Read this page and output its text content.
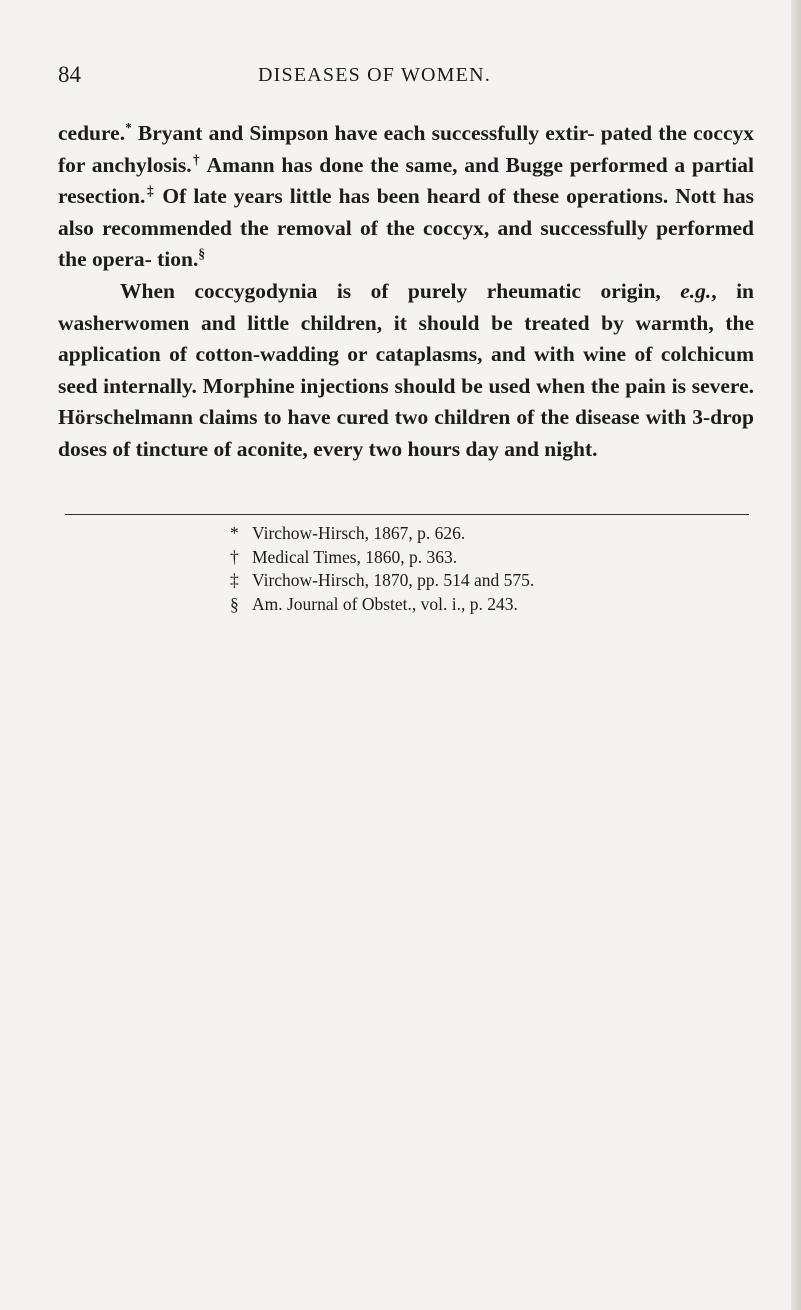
84	DISEASES OF WOMEN.

cedure.* Bryant and Simpson have each successfully extir- pated the coccyx for anchylosis.† Amann has done the same, and Bugge performed a partial resection.‡ Of late years little has been heard of these operations. Nott has also recommended the removal of the coccyx, and successfully performed the opera- tion.§

When coccygodynia is of purely rheumatic origin, e.g., in washerwomen and little children, it should be treated by warmth, the application of cotton-wadding or cataplasms, and with wine of colchicum seed internally. Morphine injections should be used when the pain is severe. Hörschelmann claims to have cured two children of the disease with 3-drop doses of tincture of aconite, every two hours day and night.

* Virchow-Hirsch, 1867, p. 626.
† Medical Times, 1860, p. 363.
‡ Virchow-Hirsch, 1870, pp. 514 and 575.
§ Am. Journal of Obstet., vol. i., p. 243.
